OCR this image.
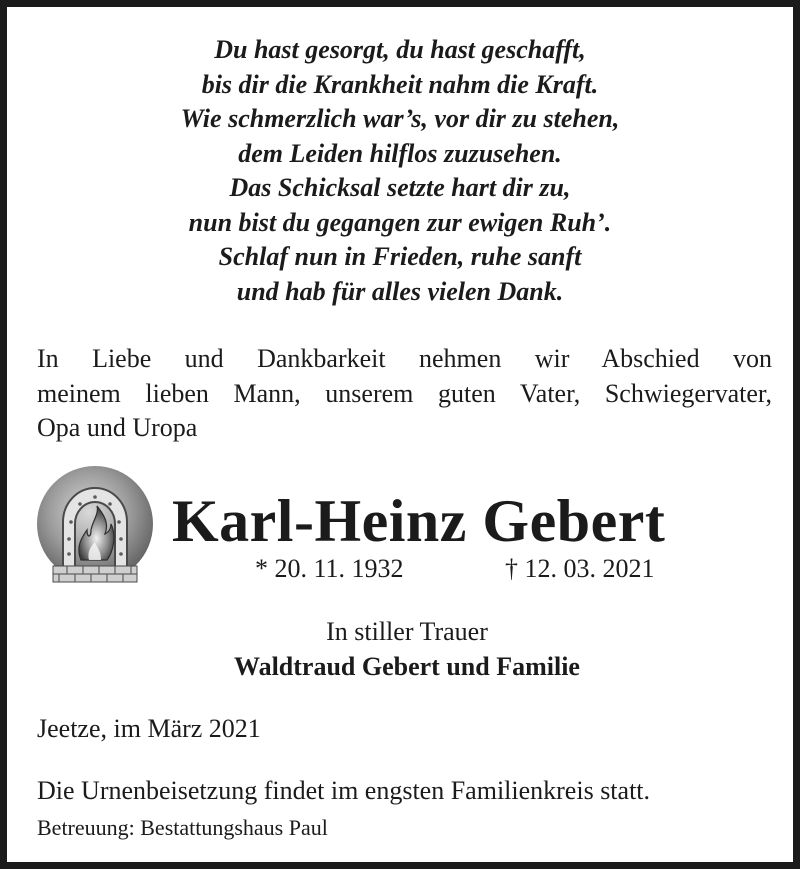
Du hast gesorgt, du hast geschafft,
bis dir die Krankheit nahm die Kraft.
Wie schmerzlich war’s, vor dir zu stehen,
dem Leiden hilflos zuzusehen.
Das Schicksal setzte hart dir zu,
nun bist du gegangen zur ewigen Ruh’.
Schlaf nun in Frieden, ruhe sanft
und hab für alles vielen Dank.
In Liebe und Dankbarkeit nehmen wir Abschied von
meinem lieben Mann, unserem guten Vater, Schwiegervater,
Opa und Uropa
Karl-Heinz Gebert
* 20. 11. 1932	† 12. 03. 2021
In stiller Trauer
Waldtraud Gebert und Familie
Jeetze, im März 2021
Die Urnenbeisetzung findet im engsten Familienkreis statt.
Betreuung: Bestattungshaus Paul
